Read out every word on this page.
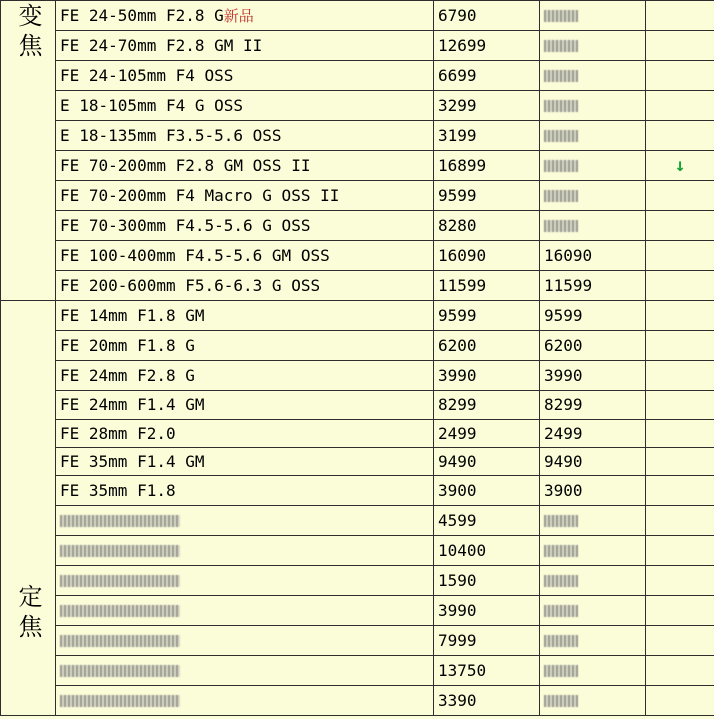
变焦	FE 24-50mm F2.8 G新品	6790		
	FE 24-70mm F2.8 GM II	12699		
	FE 24-105mm F4 OSS	6699		
	E 18-105mm F4 G OSS	3299		
	E 18-135mm F3.5-5.6 OSS	3199		
	FE 70-200mm F2.8 GM OSS II	16899		↓
	FE 70-200mm F4 Macro G OSS II	9599		
	FE 70-300mm F4.5-5.6 G OSS	8280		
	FE 100-400mm F4.5-5.6 GM OSS	16090	16090	
	FE 200-600mm F5.6-6.3 G OSS	11599	11599	
定焦	FE 14mm F1.8 GM	9599	9599	
	FE 20mm F1.8 G	6200	6200	
	FE 24mm F2.8 G	3990	3990	
	FE 24mm F1.4 GM	8299	8299	
	FE 28mm F2.0	2499	2499	
	FE 35mm F1.4 GM	9490	9490	
	FE 35mm F1.8	3900	3900	
		4599		
		10400		
		1590		
		3990		
		7999		
		13750		
		3390		
